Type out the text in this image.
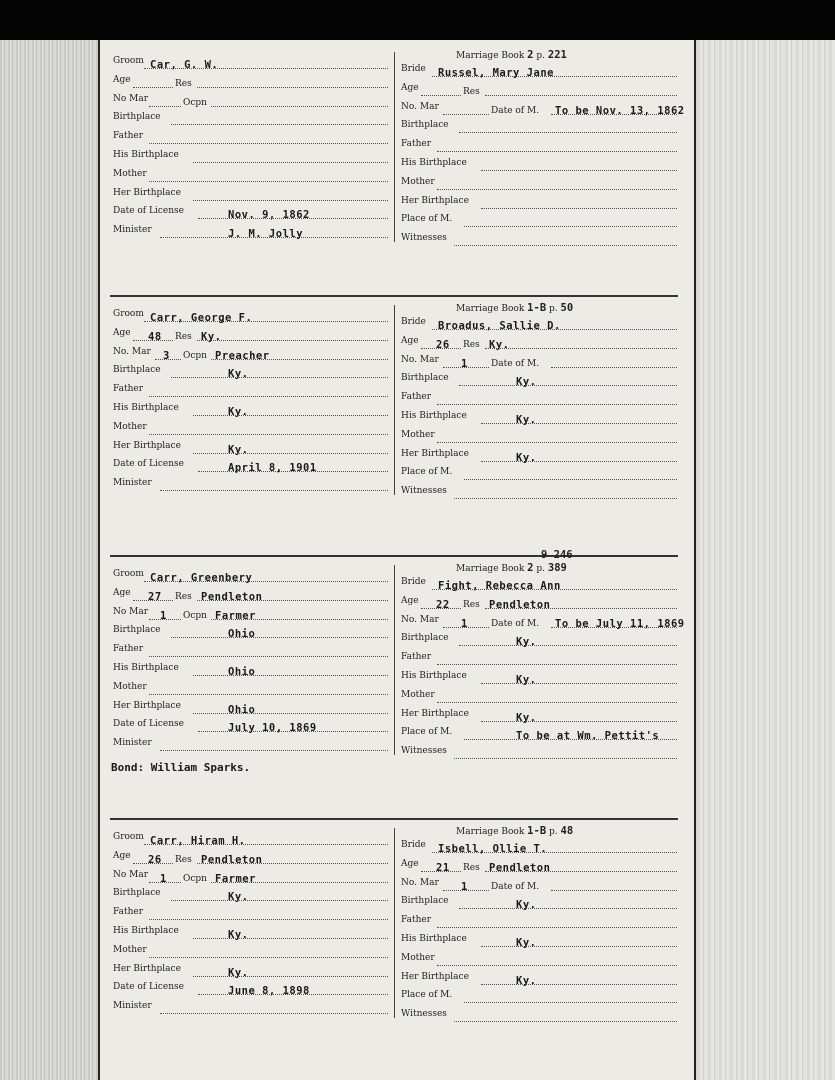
Groom Car, G. W.
Age	Res
No Mar	Ocpn
Birthplace
Father
His Birthplace
Mother
Her Birthplace
Date of License	Nov. 9, 1862
Minister	J. M. Jolly
Marriage Book 2 p. 221
Bride Russel, Mary Jane
Age	Res
No. Mar	Date of M. To be Nov. 13, 1862
Birthplace
Father
His Birthplace
Mother
Her Birthplace
Place of M.
Witnesses
Groom Carr, George F.
Age 48 Res Ky.
No. Mar 3 Ocpn Preacher
Birthplace	Ky.
Father
His Birthplace	Ky.
Mother
Her Birthplace	Ky.
Date of License	April 8, 1901
Minister
Marriage Book 1-B p. 50
Bride Broadus, Sallie D.
Age 26 Res Ky.
No. Mar 1	Date of M.
Birthplace	Ky.
Father
His Birthplace	Ky.
Mother
Her Birthplace	Ky.
Place of M.
Witnesses
Groom Carr, Greenbery
Age 27 Res Pendleton
No Mar 1 Ocpn Farmer
Birthplace	Ohio
Father
His Birthplace	Ohio
Mother
Her Birthplace	Ohio
Date of License	July 10, 1869
Minister
Marriage Book 2 p. 389
9 246
Bride Fight, Rebecca Ann
Age 22 Res Pendleton
No. Mar 1	Date of M. To be July 11, 1869
Birthplace	Ky.
Father
His Birthplace	Ky.
Mother
Her Birthplace	Ky.
Place of M.	To be at Wm. Pettit's
Witnesses
Bond: William Sparks.
Groom Carr, Hiram H.
Age 26 Res Pendleton
No Mar 1 Ocpn Farmer
Birthplace	Ky.
Father
His Birthplace	Ky.
Mother
Her Birthplace	Ky.
Date of License	June 8, 1898
Minister
Marriage Book 1-B p. 48
Bride Isbell, Ollie T.
Age 21 Res Pendleton
No. Mar 1	Date of M.
Birthplace	Ky.
Father
His Birthplace	Ky.
Mother
Her Birthplace	Ky.
Place of M.
Witnesses
